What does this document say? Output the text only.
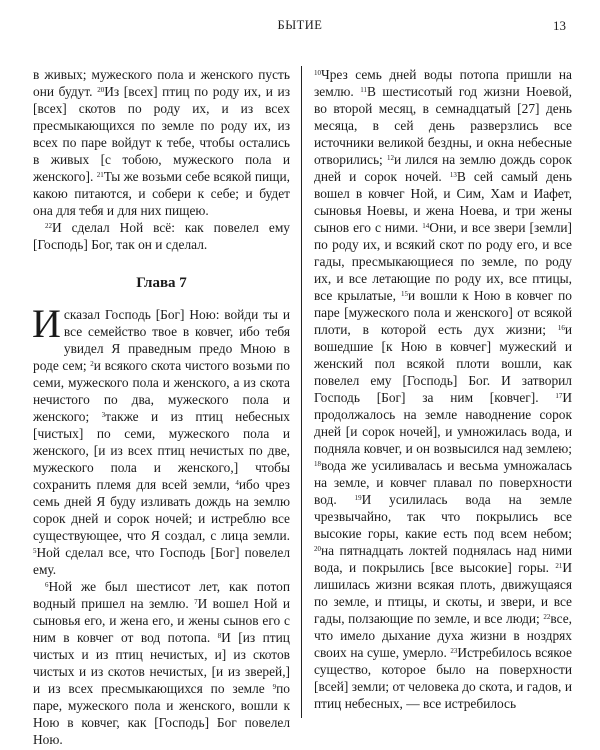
БЫТИЕ	13

в живых; мужеского пола и женского пусть они будут. $^{20}$Из [всех] птиц по роду их, и из [всех] скотов по роду их, и из всех пресмыкающихся по земле по роду их, из всех по паре войдут к тебе, чтобы остались в живых [с тобою, мужеского пола и женского]. $^{21}$Ты же возьми себе всякой пищи, какою питаются, и собери к себе; и будет она для тебя и для них пищею.

$^{22}$И сделал Ной всё: как повелел ему [Господь] Бог, так он и сделал.

Глава 7

И сказал Господь [Бог] Ною: войди ты и все семейство твое в ковчег, ибо тебя увидел Я праведным предо Мною в роде сем; $^2$и всякого скота чистого возьми по семи, мужеского пола и женского, а из скота нечистого по два, мужеского пола и женского; $^3$также и из птиц небесных [чистых] по семи, мужеского пола и женского, [и из всех птиц нечистых по две, мужеского пола и женского,] чтобы сохранить племя для всей земли, $^4$ибо чрез семь дней Я буду изливать дождь на землю сорок дней и сорок ночей; и истреблю все существующее, что Я создал, с лица земли. $^5$Ной сделал все, что Господь [Бог] повелел ему.

$^6$Ной же был шестисот лет, как потоп водный пришел на землю. $^7$И вошел Ной и сыновья его, и жена его, и жены сынов его с ним в ковчег от вод потопа. $^8$И [из птиц чистых и из птиц нечистых, и] из скотов чистых и из скотов нечистых, [и из зверей,] и из всех пресмыкающихся по земле $^9$по паре, мужеского пола и женского, вошли к Ною в ковчег, как [Господь] Бог повелел Ною.

$^{10}$Чрез семь дней воды потопа пришли на землю. $^{11}$В шестисотый год жизни Ноевой, во второй месяц, в семнадцатый [27] день месяца, в сей день разверзлись все источники великой бездны, и окна небесные отворились; $^{12}$и лился на землю дождь сорок дней и сорок ночей. $^{13}$В сей самый день вошел в ковчег Ной, и Сим, Хам и Иафет, сыновья Ноевы, и жена Ноева, и три жены сынов его с ними. $^{14}$Они, и все звери [земли] по роду их, и всякий скот по роду его, и все гады, пресмыкающиеся по земле, по роду их, и все летающие по роду их, все птицы, все крылатые, $^{15}$и вошли к Ною в ковчег по паре [мужеского пола и женского] от всякой плоти, в которой есть дух жизни; $^{16}$и вошедшие [к Ною в ковчег] мужеский и женский пол всякой плоти вошли, как повелел ему [Господь] Бог. И затворил Господь [Бог] за ним [ковчег]. $^{17}$И продолжалось на земле наводнение сорок дней [и сорок ночей], и умножилась вода, и подняла ковчег, и он возвысился над землею; $^{18}$вода же усиливалась и весьма умножалась на земле, и ковчег плавал по поверхности вод. $^{19}$И усилилась вода на земле чрезвычайно, так что покрылись все высокие горы, какие есть под всем небом; $^{20}$на пятнадцать локтей поднялась над ними вода, и покрылись [все высокие] горы. $^{21}$И лишилась жизни всякая плоть, движущаяся по земле, и птицы, и скоты, и звери, и все гады, ползающие по земле, и все люди; $^{22}$все, что имело дыхание духа жизни в ноздрях своих на суше, умерло. $^{23}$Истребилось всякое существо, которое было на поверхности [всей] земли; от человека до скота, и гадов, и птиц небесных, — все истребилось
